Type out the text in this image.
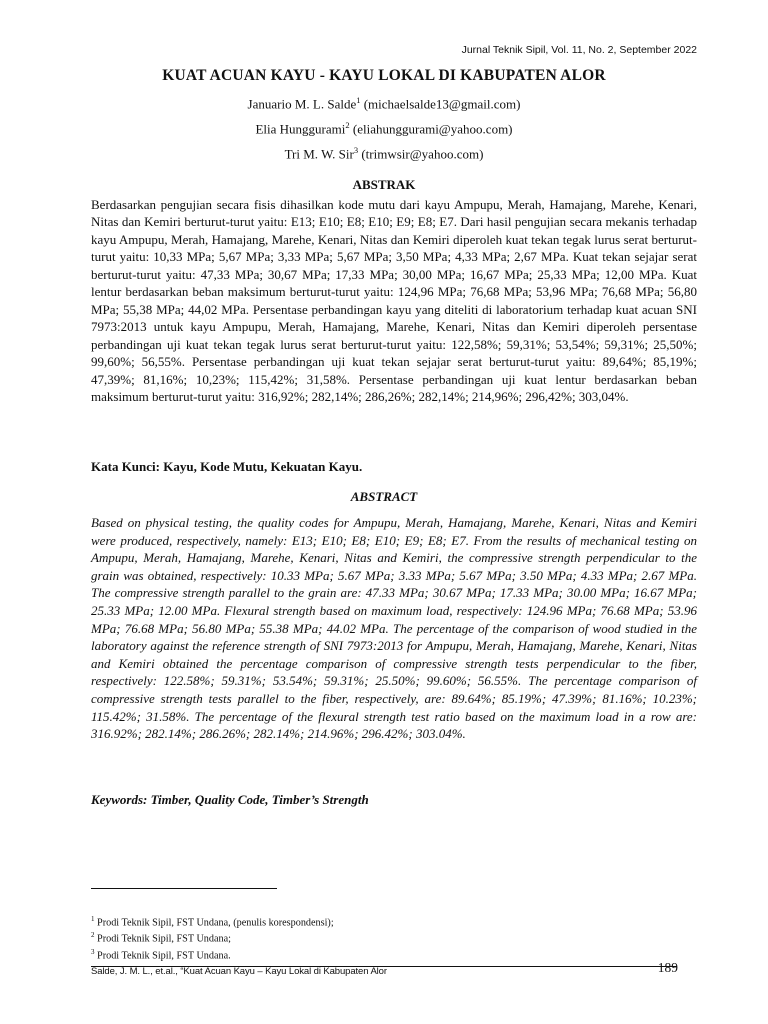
Jurnal Teknik Sipil, Vol. 11, No. 2, September 2022
KUAT ACUAN KAYU - KAYU LOKAL DI KABUPATEN ALOR
Januario M. L. Salde$^1$ (michaelsalde13@gmail.com)
Elia Hunggurami$^2$ (eliahunggurami@yahoo.com)
Tri M. W. Sir$^3$ (trimwsir@yahoo.com)
ABSTRAK

Berdasarkan pengujian secara fisis dihasilkan kode mutu dari kayu Ampupu, Merah, Hamajang, Marehe, Kenari, Nitas dan Kemiri berturut-turut yaitu: E13; E10; E8; E10; E9; E8; E7. Dari hasil pengujian secara mekanis terhadap kayu Ampupu, Merah, Hamajang, Marehe, Kenari, Nitas dan Kemiri diperoleh kuat tekan tegak lurus serat berturut-turut yaitu: 10,33 MPa; 5,67 MPa; 3,33 MPa; 5,67 MPa; 3,50 MPa; 4,33 MPa; 2,67 MPa. Kuat tekan sejajar serat berturut-turut yaitu: 47,33 MPa; 30,67 MPa; 17,33 MPa; 30,00 MPa; 16,67 MPa; 25,33 MPa; 12,00 MPa. Kuat lentur berdasarkan beban maksimum berturut-turut yaitu: 124,96 MPa; 76,68 MPa; 53,96 MPa; 76,68 MPa; 56,80 MPa; 55,38 MPa; 44,02 MPa. Persentase perbandingan kayu yang diteliti di laboratorium terhadap kuat acuan SNI 7973:2013 untuk kayu Ampupu, Merah, Hamajang, Marehe, Kenari, Nitas dan Kemiri diperoleh persentase perbandingan uji kuat tekan tegak lurus serat berturut-turut yaitu: 122,58%; 59,31%; 53,54%; 59,31%; 25,50%; 99,60%; 56,55%. Persentase perbandingan uji kuat tekan sejajar serat berturut-turut yaitu: 89,64%; 85,19%; 47,39%; 81,16%; 10,23%; 115,42%; 31,58%. Persentase perbandingan uji kuat lentur berdasarkan beban maksimum berturut-turut yaitu: 316,92%; 282,14%; 286,26%; 282,14%; 214,96%; 296,42%; 303,04%.

Kata Kunci: Kayu, Kode Mutu, Kekuatan Kayu.

ABSTRACT

Based on physical testing, the quality codes for Ampupu, Merah, Hamajang, Marehe, Kenari, Nitas and Kemiri were produced, respectively, namely: E13; E10; E8; E10; E9; E8; E7. From the results of mechanical testing on Ampupu, Merah, Hamajang, Marehe, Kenari, Nitas and Kemiri, the compressive strength perpendicular to the grain was obtained, respectively: 10.33 MPa; 5.67 MPa; 3.33 MPa; 5.67 MPa; 3.50 MPa; 4.33 MPa; 2.67 MPa. The compressive strength parallel to the grain are: 47.33 MPa; 30.67 MPa; 17.33 MPa; 30.00 MPa; 16.67 MPa; 25.33 MPa; 12.00 MPa. Flexural strength based on maximum load, respectively: 124.96 MPa; 76.68 MPa; 53.96 MPa; 76.68 MPa; 56.80 MPa; 55.38 MPa; 44.02 MPa. The percentage of the comparison of wood studied in the laboratory against the reference strength of SNI 7973:2013 for Ampupu, Merah, Hamajang, Marehe, Kenari, Nitas and Kemiri obtained the percentage comparison of compressive strength tests perpendicular to the fiber, respectively: 122.58%; 59.31%; 53.54%; 59.31%; 25.50%; 99.60%; 56.55%. The percentage comparison of compressive strength tests parallel to the fiber, respectively, are: 89.64%; 85.19%; 47.39%; 81.16%; 10.23%; 115.42%; 31.58%. The percentage of the flexural strength test ratio based on the maximum load in a row are: 316.92%; 282.14%; 286.26%; 282.14%; 214.96%; 296.42%; 303.04%.

Keywords: Timber, Quality Code, Timber’s Strength

$^1$ Prodi Teknik Sipil, FST Undana, (penulis korespondensi);
$^2$ Prodi Teknik Sipil, FST Undana;
$^3$ Prodi Teknik Sipil, FST Undana.
Salde, J. M. L., et.al., “Kuat Acuan Kayu – Kayu Lokal di Kabupaten Alor	189
